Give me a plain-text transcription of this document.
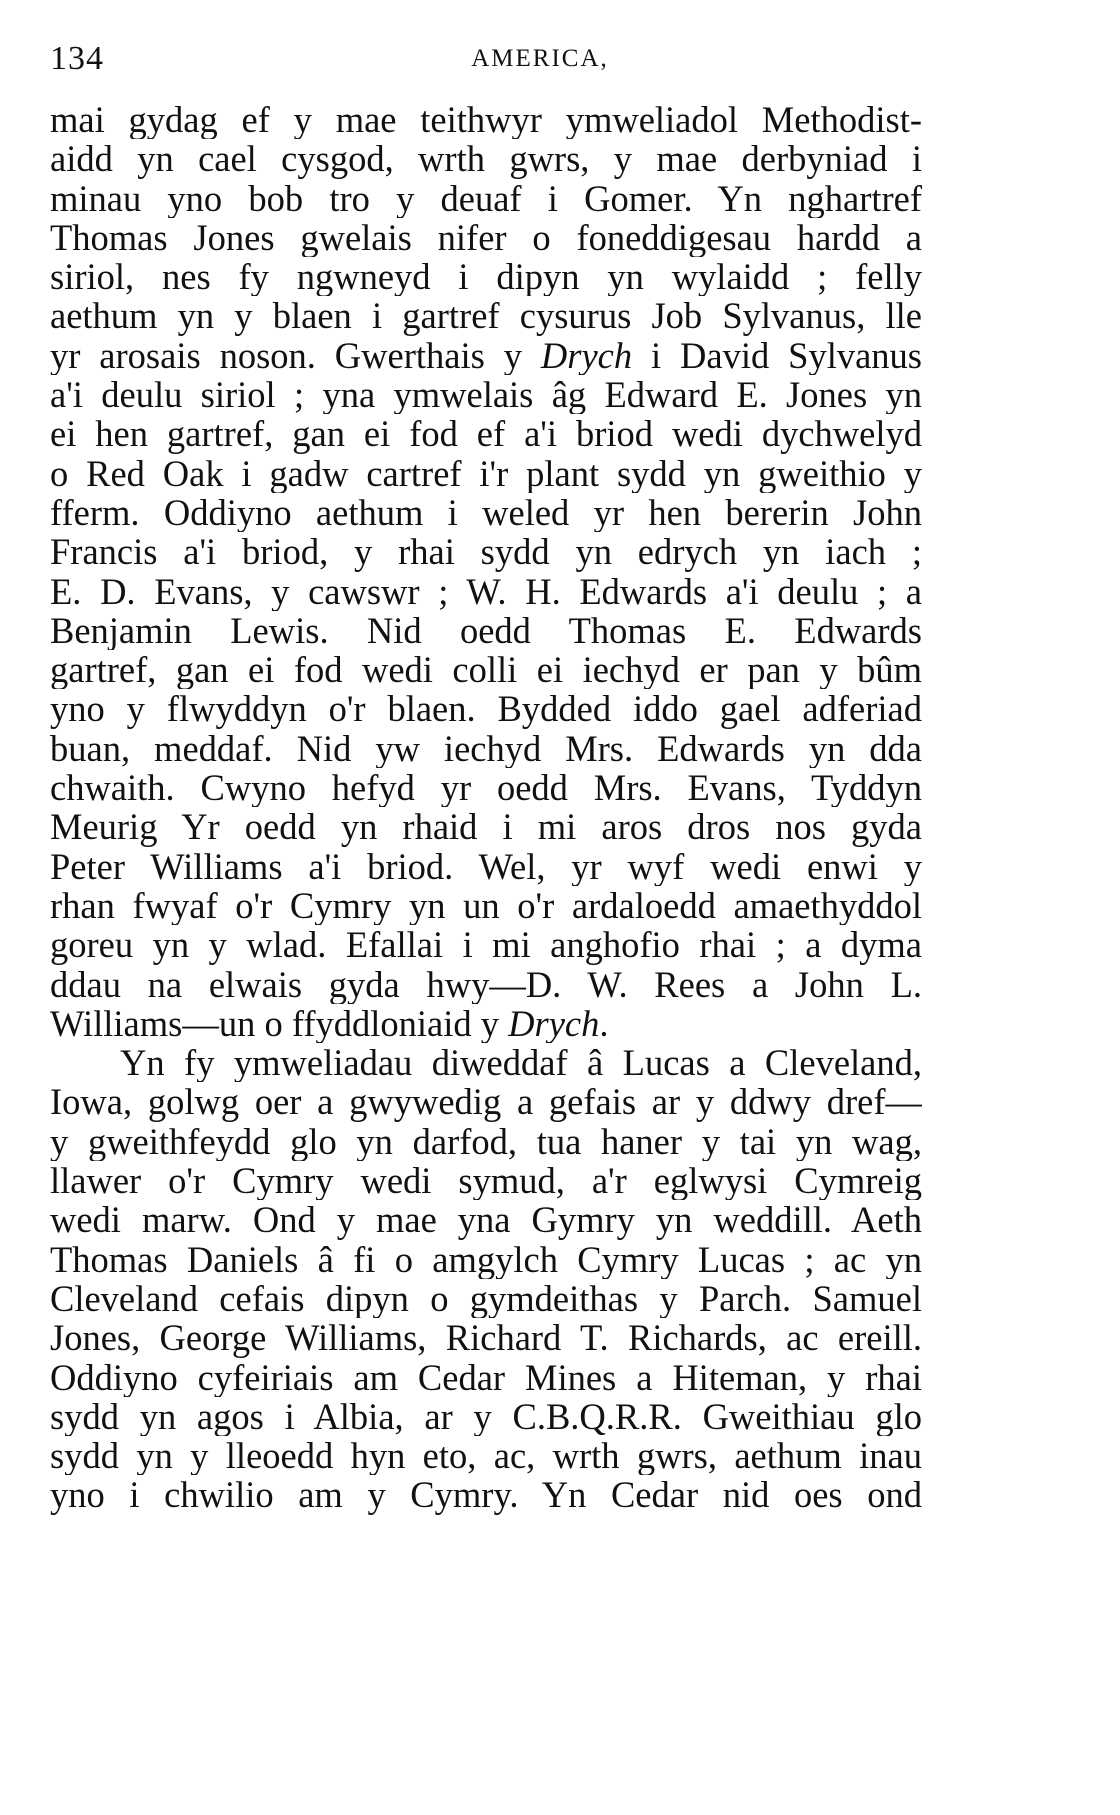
134	AMERICA,
mai gydag ef y mae teithwyr ymweliadol Methodist-
aidd yn cael cysgod, wrth gwrs, y mae derbyniad i
minau yno bob tro y deuaf i Gomer. Yn nghartref
Thomas Jones gwelais nifer o foneddigesau hardd a
siriol, nes fy ngwneyd i dipyn yn wylaidd ; felly
aethum yn y blaen i gartref cysurus Job Sylvanus, lle
yr arosais noson. Gwerthais y Drych i David Sylvanus
a'i deulu siriol ; yna ymwelais âg Edward E. Jones yn
ei hen gartref, gan ei fod ef a'i briod wedi dychwelyd
o Red Oak i gadw cartref i'r plant sydd yn gweithio y
fferm. Oddiyno aethum i weled yr hen bererin John
Francis a'i briod, y rhai sydd yn edrych yn iach ;
E. D. Evans, y cawswr ; W. H. Edwards a'i deulu ; a
Benjamin Lewis. Nid oedd Thomas E. Edwards
gartref, gan ei fod wedi colli ei iechyd er pan y bûm
yno y flwyddyn o'r blaen. Bydded iddo gael adferiad
buan, meddaf. Nid yw iechyd Mrs. Edwards yn dda
chwaith. Cwyno hefyd yr oedd Mrs. Evans, Tyddyn
Meurig Yr oedd yn rhaid i mi aros dros nos gyda
Peter Williams a'i briod. Wel, yr wyf wedi enwi y
rhan fwyaf o'r Cymry yn un o'r ardaloedd amaethyddol
goreu yn y wlad. Efallai i mi anghofio rhai ; a dyma
ddau na elwais gyda hwy—D. W. Rees a John L.
Williams—un o ffyddloniaid y Drych.
Yn fy ymweliadau diweddaf â Lucas a Cleveland,
Iowa, golwg oer a gwywedig a gefais ar y ddwy dref—
y gweithfeydd glo yn darfod, tua haner y tai yn wag,
llawer o'r Cymry wedi symud, a'r eglwysi Cymreig
wedi marw. Ond y mae yna Gymry yn weddill. Aeth
Thomas Daniels â fi o amgylch Cymry Lucas ; ac yn
Cleveland cefais dipyn o gymdeithas y Parch. Samuel
Jones, George Williams, Richard T. Richards, ac ereill.
Oddiyno cyfeiriais am Cedar Mines a Hiteman, y rhai
sydd yn agos i Albia, ar y C.B.Q.R.R. Gweithiau glo
sydd yn y lleoedd hyn eto, ac, wrth gwrs, aethum inau
yno i chwilio am y Cymry. Yn Cedar nid oes ond
